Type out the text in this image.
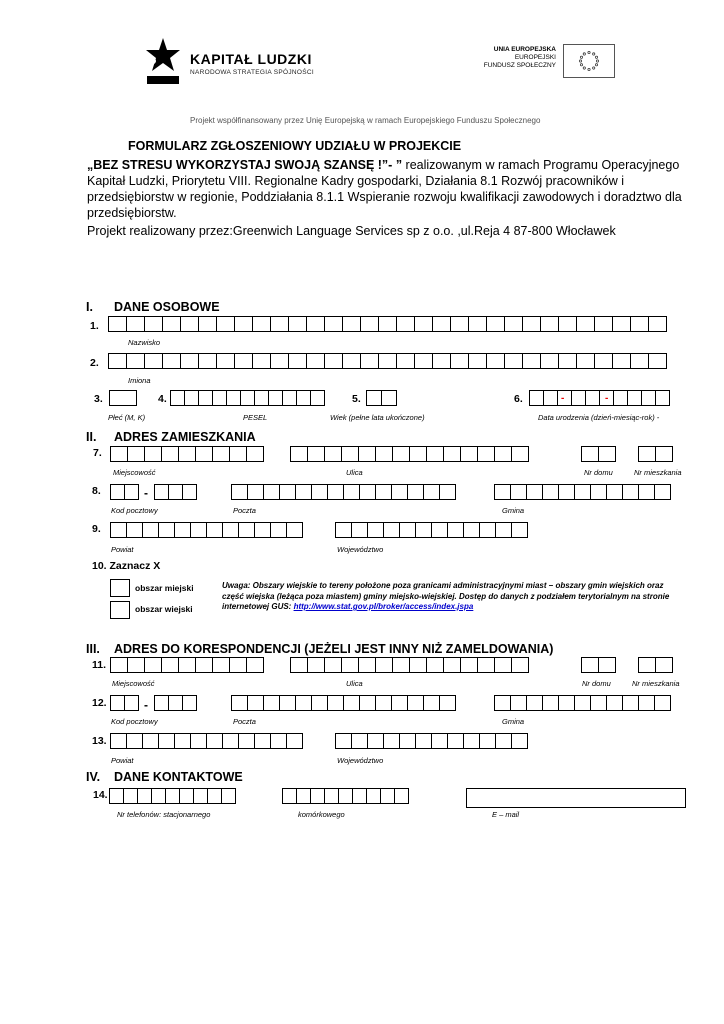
KAPITAŁ LUDZKI
NARODOWA STRATEGIA SPÓJNOŚCI
UNIA EUROPEJSKA
EUROPEJSKI
FUNDUSZ SPOŁECZNY
Projekt współfinansowany przez Unię Europejską w ramach Europejskiego Funduszu Społecznego
FORMULARZ ZGŁOSZENIOWY UDZIAŁU W PROJEKCIE
„BEZ STRESU WYKORZYSTAJ SWOJĄ SZANSĘ !”- ” realizowanym w ramach Programu Operacyjnego Kapitał Ludzki, Priorytetu VIII. Regionalne Kadry gospodarki, Działania 8.1 Rozwój pracowników i przedsiębiorstw w regionie, Poddziałania 8.1.1 Wspieranie rozwoju kwalifikacji zawodowych i doradztwo dla przedsiębiorstw.
Projekt realizowany przez:Greenwich Language Services sp z o.o. ,ul.Reja 4 87-800 Włocławek
I. DANE OSOBOWE
1.
Nazwisko
2.
Imiona
3.	4.	5.	6.	-	-
Płeć (M, K)	PESEL	Wiek (pełne lata ukończone)	Data urodzenia (dzień-miesiąc-rok) -
II. ADRES ZAMIESZKANIA
7.
Miejscowość	Ulica	Nr domu	Nr mieszkania
8.	-
Kod pocztowy	Poczta	Gmina
9.
Powiat	Województwo
10. Zaznacz X
obszar miejski
obszar wiejski
Uwaga: Obszary wiejskie to tereny położone poza granicami administracyjnymi miast – obszary gmin wiejskich oraz część wiejska (leżąca poza miastem) gminy miejsko-wiejskiej. Dostęp do danych z podziałem terytorialnym na stronie internetowej GUS: http://www.stat.gov.pl/broker/access/index.jspa
III. ADRES DO KORESPONDENCJI (JEŻELI JEST INNY NIŻ ZAMELDOWANIA)
11.
Miejscowość	Ulica	Nr domu	Nr mieszkania
12.	-
Kod pocztowy	Poczta	Gmina
13.
Powiat	Województwo
IV. DANE KONTAKTOWE
14.
Nr telefonów: stacjonarnego	komórkowego	E – mail
